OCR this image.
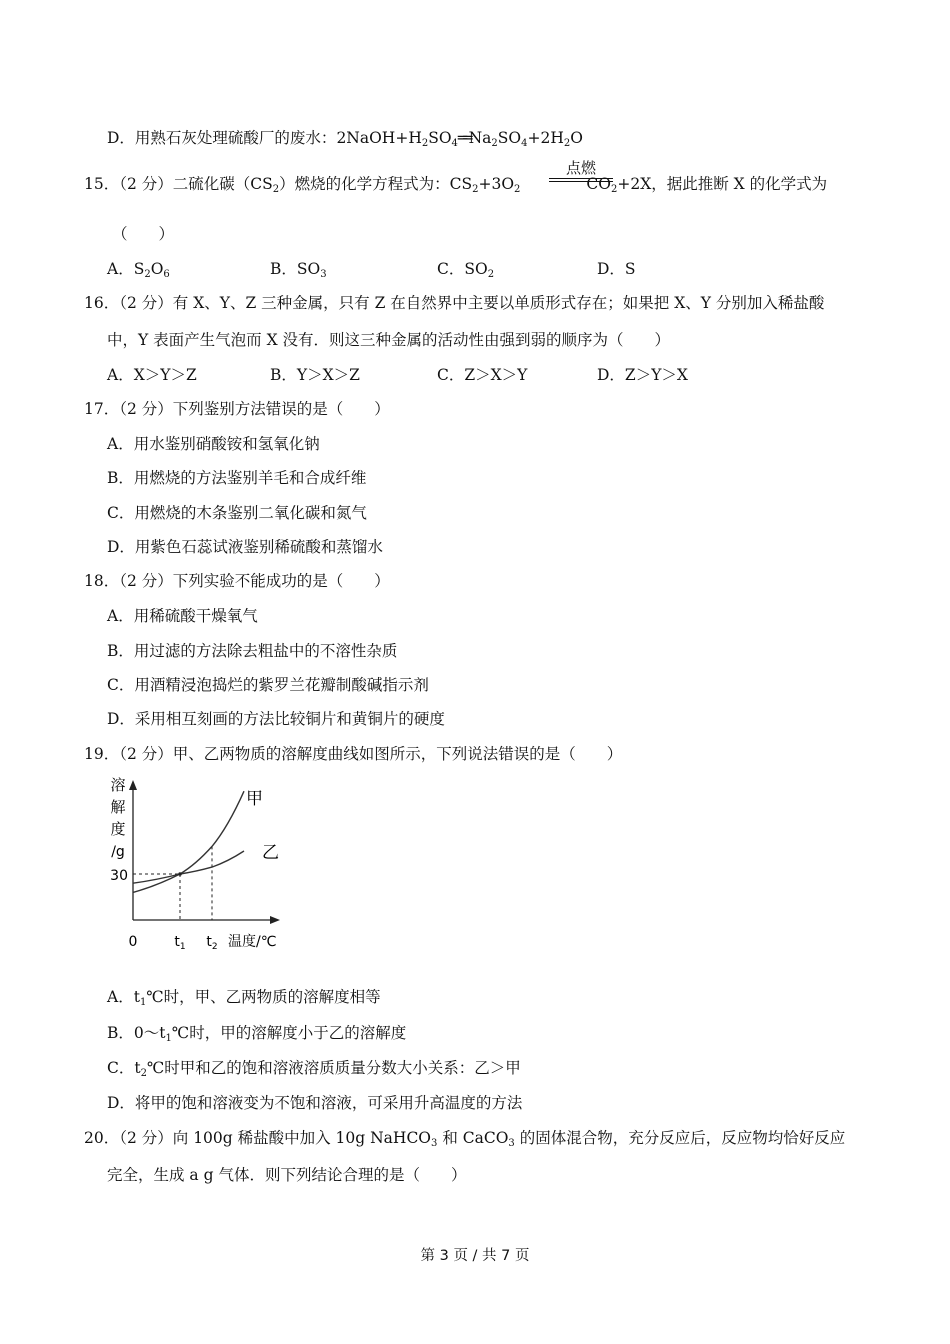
D．用熟石灰处理硫酸厂的废水：$2NaOH+H_2SO_4══Na_2SO_4+2H_2O$
15．（2 分）二硫化碳$(CS_2)$燃烧的化学方程式为：$CS_2+3O_2$	$CO_2+2X$，据此推断 X 的化学式为
点燃
（　　）
A．$S_2O_6$	B．$SO_3$	C．$SO_2$	D．S
16．（2 分）有 X、Y、Z 三种金属，只有 Z 在自然界中主要以单质形式存在；如果把 X、Y 分别加入稀盐酸
中，Y 表面产生气泡而 X 没有．则这三种金属的活动性由强到弱的顺序为（　　）
A．X＞Y＞Z	B．Y＞X＞Z	C．Z＞X＞Y	D．Z＞Y＞X
17．（2 分）下列鉴别方法错误的是（　　）
A．用水鉴别硝酸铵和氢氧化钠
B．用燃烧的方法鉴别羊毛和合成纤维
C．用燃烧的木条鉴别二氧化碳和氮气
D．用紫色石蕊试液鉴别稀硫酸和蒸馏水
18．（2 分）下列实验不能成功的是（　　）
A．用稀硫酸干燥氧气
B．用过滤的方法除去粗盐中的不溶性杂质
C．用酒精浸泡捣烂的紫罗兰花瓣制酸碱指示剂
D．采用相互刻画的方法比较铜片和黄铜片的硬度
19．（2 分）甲、乙两物质的溶解度曲线如图所示，下列说法错误的是（　　）
溶
解
度
/g
0
30
$t_1$ $t_2$ 温度/℃
甲
乙
A．$t_1℃$时，甲、乙两物质的溶解度相等
B．$0\sim t_1℃$时，甲的溶解度小于乙的溶解度
C．$t_2℃$时甲和乙的饱和溶液溶质质量分数大小关系：乙＞甲
D．将甲的饱和溶液变为不饱和溶液，可采用升高温度的方法
20．（2 分）向 100g 稀盐酸中加入 10g NaHCO$_3$ 和 CaCO$_3$ 的固体混合物，充分反应后，反应物均恰好反应
完全，生成 a g 气体．则下列结论合理的是（　　）
第 3 页 / 共 7 页
